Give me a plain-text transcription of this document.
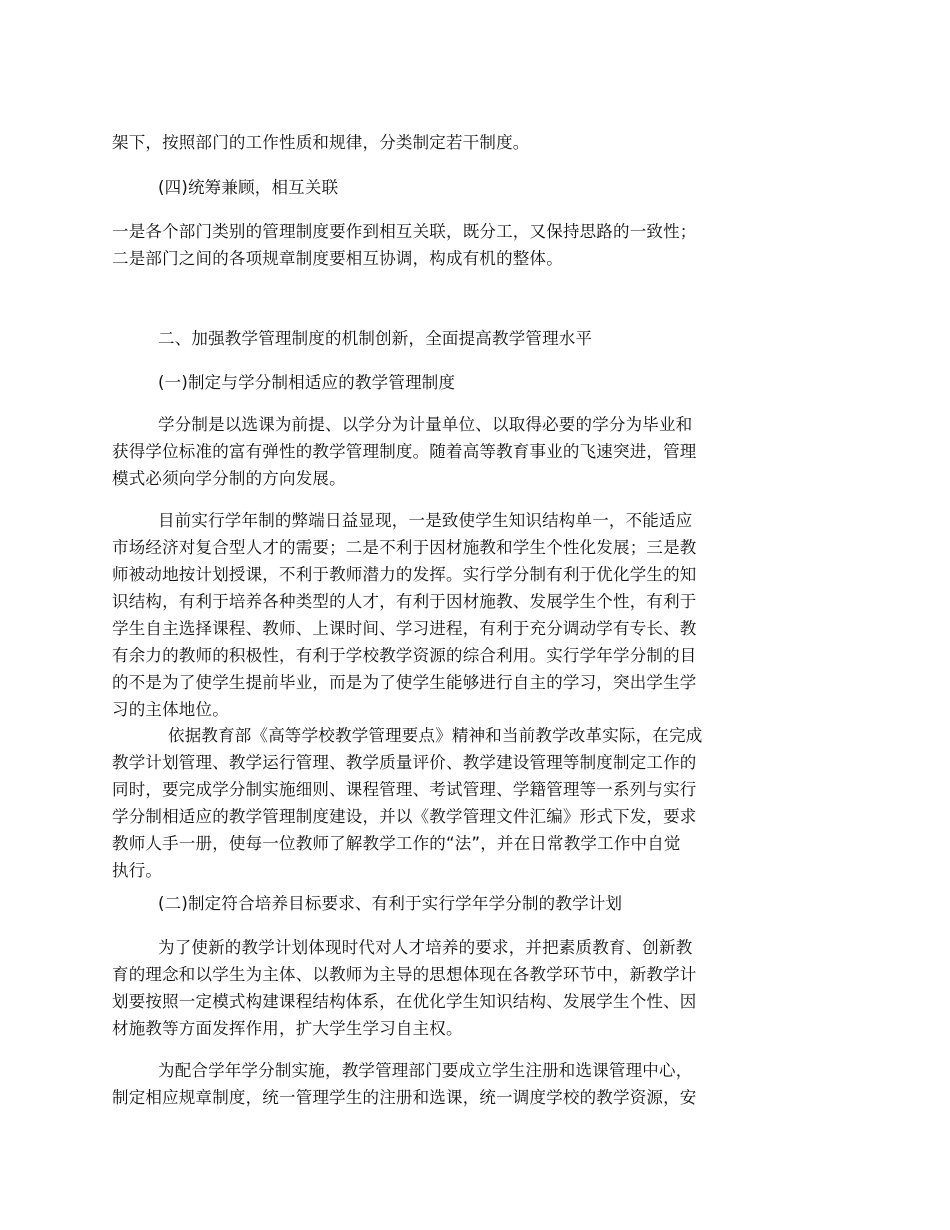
架下，按照部门的工作性质和规律，分类制定若干制度。

(四)统筹兼顾，相互关联

一是各个部门类别的管理制度要作到相互关联，既分工，又保持思路的一致性；
二是部门之间的各项规章制度要相互协调，构成有机的整体。

二、加强教学管理制度的机制创新，全面提高教学管理水平

(一)制定与学分制相适应的教学管理制度

学分制是以选课为前提、以学分为计量单位、以取得必要的学分为毕业和
获得学位标准的富有弹性的教学管理制度。随着高等教育事业的飞速突进，管理
模式必须向学分制的方向发展。

目前实行学年制的弊端日益显现，一是致使学生知识结构单一，不能适应
市场经济对复合型人才的需要；二是不利于因材施教和学生个性化发展；三是教
师被动地按计划授课，不利于教师潜力的发挥。实行学分制有利于优化学生的知
识结构，有利于培养各种类型的人才，有利于因材施教、发展学生个性，有利于
学生自主选择课程、教师、上课时间、学习进程，有利于充分调动学有专长、教
有余力的教师的积极性，有利于学校教学资源的综合利用。实行学年学分制的目
的不是为了使学生提前毕业，而是为了使学生能够进行自主的学习，突出学生学
习的主体地位。

依据教育部《高等学校教学管理要点》精神和当前教学改革实际，在完成
教学计划管理、教学运行管理、教学质量评价、教学建设管理等制度制定工作的
同时，要完成学分制实施细则、课程管理、考试管理、学籍管理等一系列与实行
学分制相适应的教学管理制度建设，并以《教学管理文件汇编》形式下发，要求
教师人手一册，使每一位教师了解教学工作的“法”，并在日常教学工作中自觉
执行。

(二)制定符合培养目标要求、有利于实行学年学分制的教学计划

为了使新的教学计划体现时代对人才培养的要求，并把素质教育、创新教
育的理念和以学生为主体、以教师为主导的思想体现在各教学环节中，新教学计
划要按照一定模式构建课程结构体系，在优化学生知识结构、发展学生个性、因
材施教等方面发挥作用，扩大学生学习自主权。

为配合学年学分制实施，教学管理部门要成立学生注册和选课管理中心，
制定相应规章制度，统一管理学生的注册和选课，统一调度学校的教学资源，安
